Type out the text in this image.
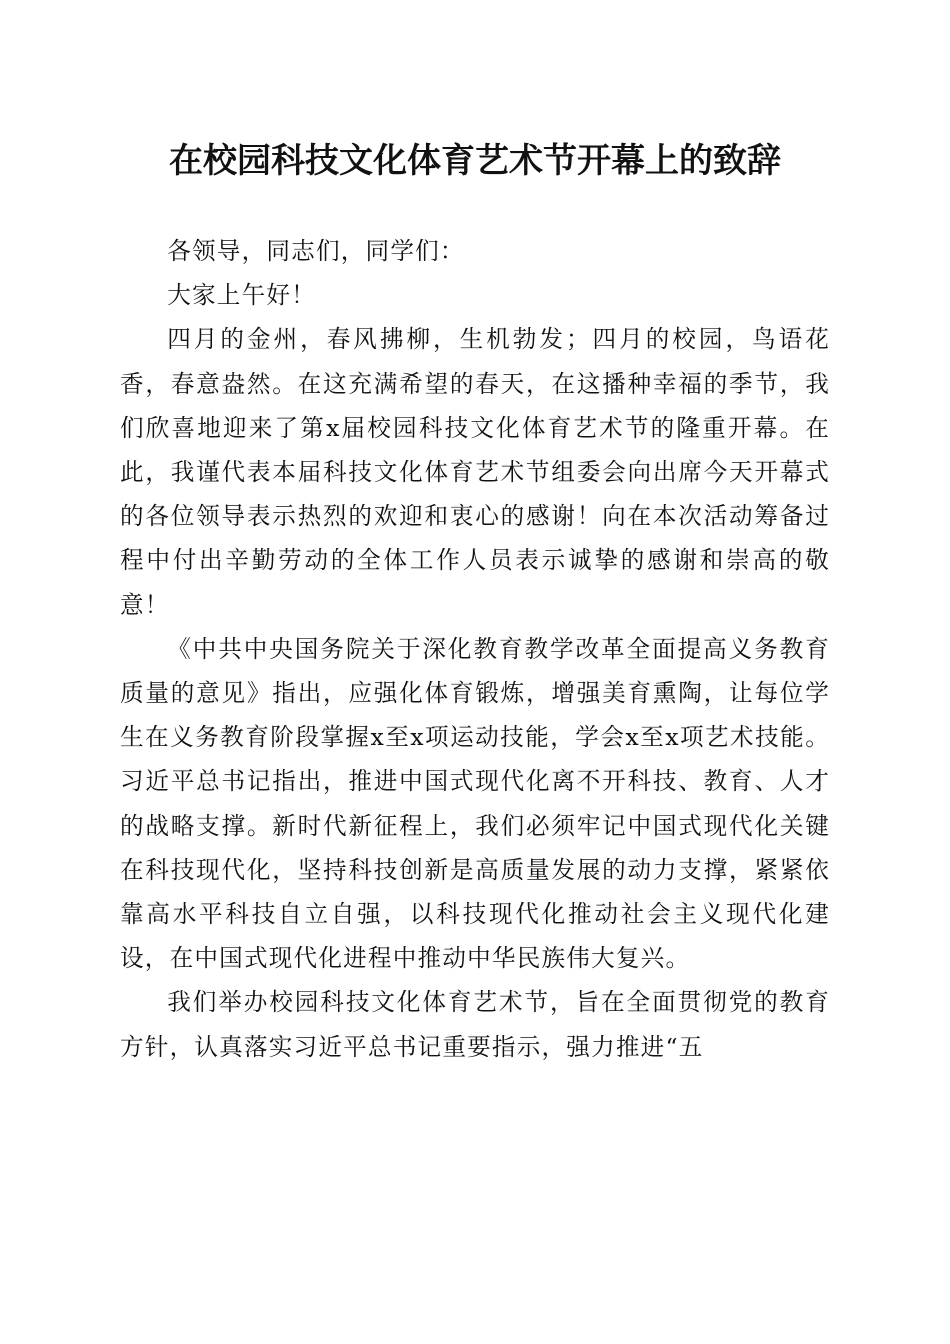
在校园科技文化体育艺术节开幕上的致辞

各领导，同志们，同学们：

大家上午好！

四月的金州，春风拂柳，生机勃发；四月的校园，鸟语花香，春意盎然。在这充满希望的春天，在这播种幸福的季节，我们欣喜地迎来了第x届校园科技文化体育艺术节的隆重开幕。在此，我谨代表本届科技文化体育艺术节组委会向出席今天开幕式的各位领导表示热烈的欢迎和衷心的感谢！向在本次活动筹备过程中付出辛勤劳动的全体工作人员表示诚挚的感谢和崇高的敬意！

《中共中央国务院关于深化教育教学改革全面提高义务教育质量的意见》指出，应强化体育锻炼，增强美育熏陶，让每位学生在义务教育阶段掌握x至x项运动技能，学会x至x项艺术技能。习近平总书记指出，推进中国式现代化离不开科技、教育、人才的战略支撑。新时代新征程上，我们必须牢记中国式现代化关键在科技现代化，坚持科技创新是高质量发展的动力支撑，紧紧依靠高水平科技自立自强，以科技现代化推动社会主义现代化建设，在中国式现代化进程中推动中华民族伟大复兴。

我们举办校园科技文化体育艺术节，旨在全面贯彻党的教育方针，认真落实习近平总书记重要指示，强力推进“五
